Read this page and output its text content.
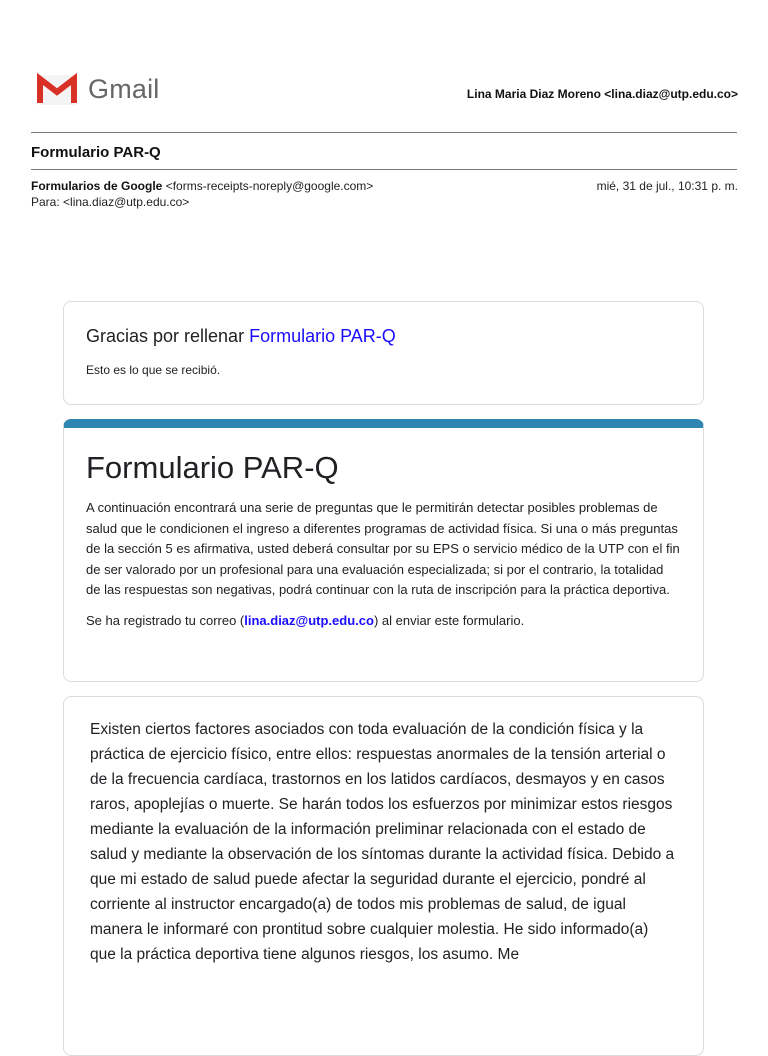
Gmail	Lina Maria Diaz Moreno <lina.diaz@utp.edu.co>
Formulario PAR-Q
Formularios de Google <forms-receipts-noreply@google.com>	mié, 31 de jul., 10:31 p. m.
Para: <lina.diaz@utp.edu.co>
Google Forms
Gracias por rellenar Formulario PAR-Q
Esto es lo que se recibió.
Formulario PAR-Q
A continuación encontrará una serie de preguntas que le permitirán detectar posibles problemas de salud que le condicionen el ingreso a diferentes programas de actividad física. Si una o más preguntas de la sección 5 es afirmativa, usted deberá consultar por su EPS o servicio médico de la UTP con el fin de ser valorado por un profesional para una evaluación especializada; si por el contrario, la totalidad de las respuestas son negativas, podrá continuar con la ruta de inscripción para la práctica deportiva.
Se ha registrado tu correo (lina.diaz@utp.edu.co) al enviar este formulario.
Existen ciertos factores asociados con toda evaluación de la condición física y la práctica de ejercicio físico, entre ellos: respuestas anormales de la tensión arterial o de la frecuencia cardíaca, trastornos en los latidos cardíacos, desmayos y en casos raros, apoplejías o muerte. Se harán todos los esfuerzos por minimizar estos riesgos mediante la evaluación de la información preliminar relacionada con el estado de salud y mediante la observación de los síntomas durante la actividad física. Debido a que mi estado de salud puede afectar la seguridad durante el ejercicio, pondré al corriente al instructor encargado(a) de todos mis problemas de salud, de igual manera le informaré con prontitud sobre cualquier molestia. He sido informado(a) que la práctica deportiva tiene algunos riesgos, los asumo. Me
